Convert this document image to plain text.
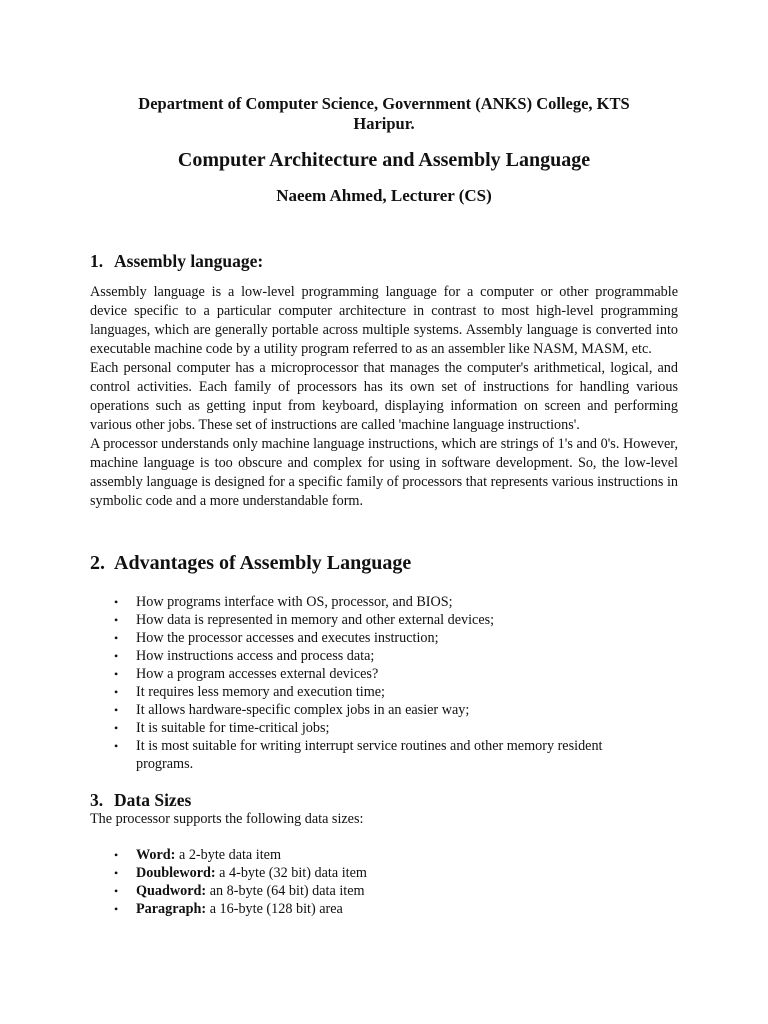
Department of Computer Science, Government (ANKS) College, KTS Haripur.
Computer Architecture and Assembly Language
Naeem Ahmed, Lecturer (CS)
1. Assembly language:

Assembly language is a low-level programming language for a computer or other programmable device specific to a particular computer architecture in contrast to most high-level programming languages, which are generally portable across multiple systems. Assembly language is converted into executable machine code by a utility program referred to as an assembler like NASM, MASM, etc.

Each personal computer has a microprocessor that manages the computer's arithmetical, logical, and control activities. Each family of processors has its own set of instructions for handling various operations such as getting input from keyboard, displaying information on screen and performing various other jobs. These set of instructions are called 'machine language instructions'.

A processor understands only machine language instructions, which are strings of 1's and 0's. However, machine language is too obscure and complex for using in software development. So, the low-level assembly language is designed for a specific family of processors that represents various instructions in symbolic code and a more understandable form.

2. Advantages of Assembly Language
• How programs interface with OS, processor, and BIOS;
• How data is represented in memory and other external devices;
• How the processor accesses and executes instruction;
• How instructions access and process data;
• How a program accesses external devices?
• It requires less memory and execution time;
• It allows hardware-specific complex jobs in an easier way;
• It is suitable for time-critical jobs;
• It is most suitable for writing interrupt service routines and other memory resident programs.
3. Data Sizes
The processor supports the following data sizes:
• Word: a 2-byte data item
• Doubleword: a 4-byte (32 bit) data item
• Quadword: an 8-byte (64 bit) data item
• Paragraph: a 16-byte (128 bit) area
